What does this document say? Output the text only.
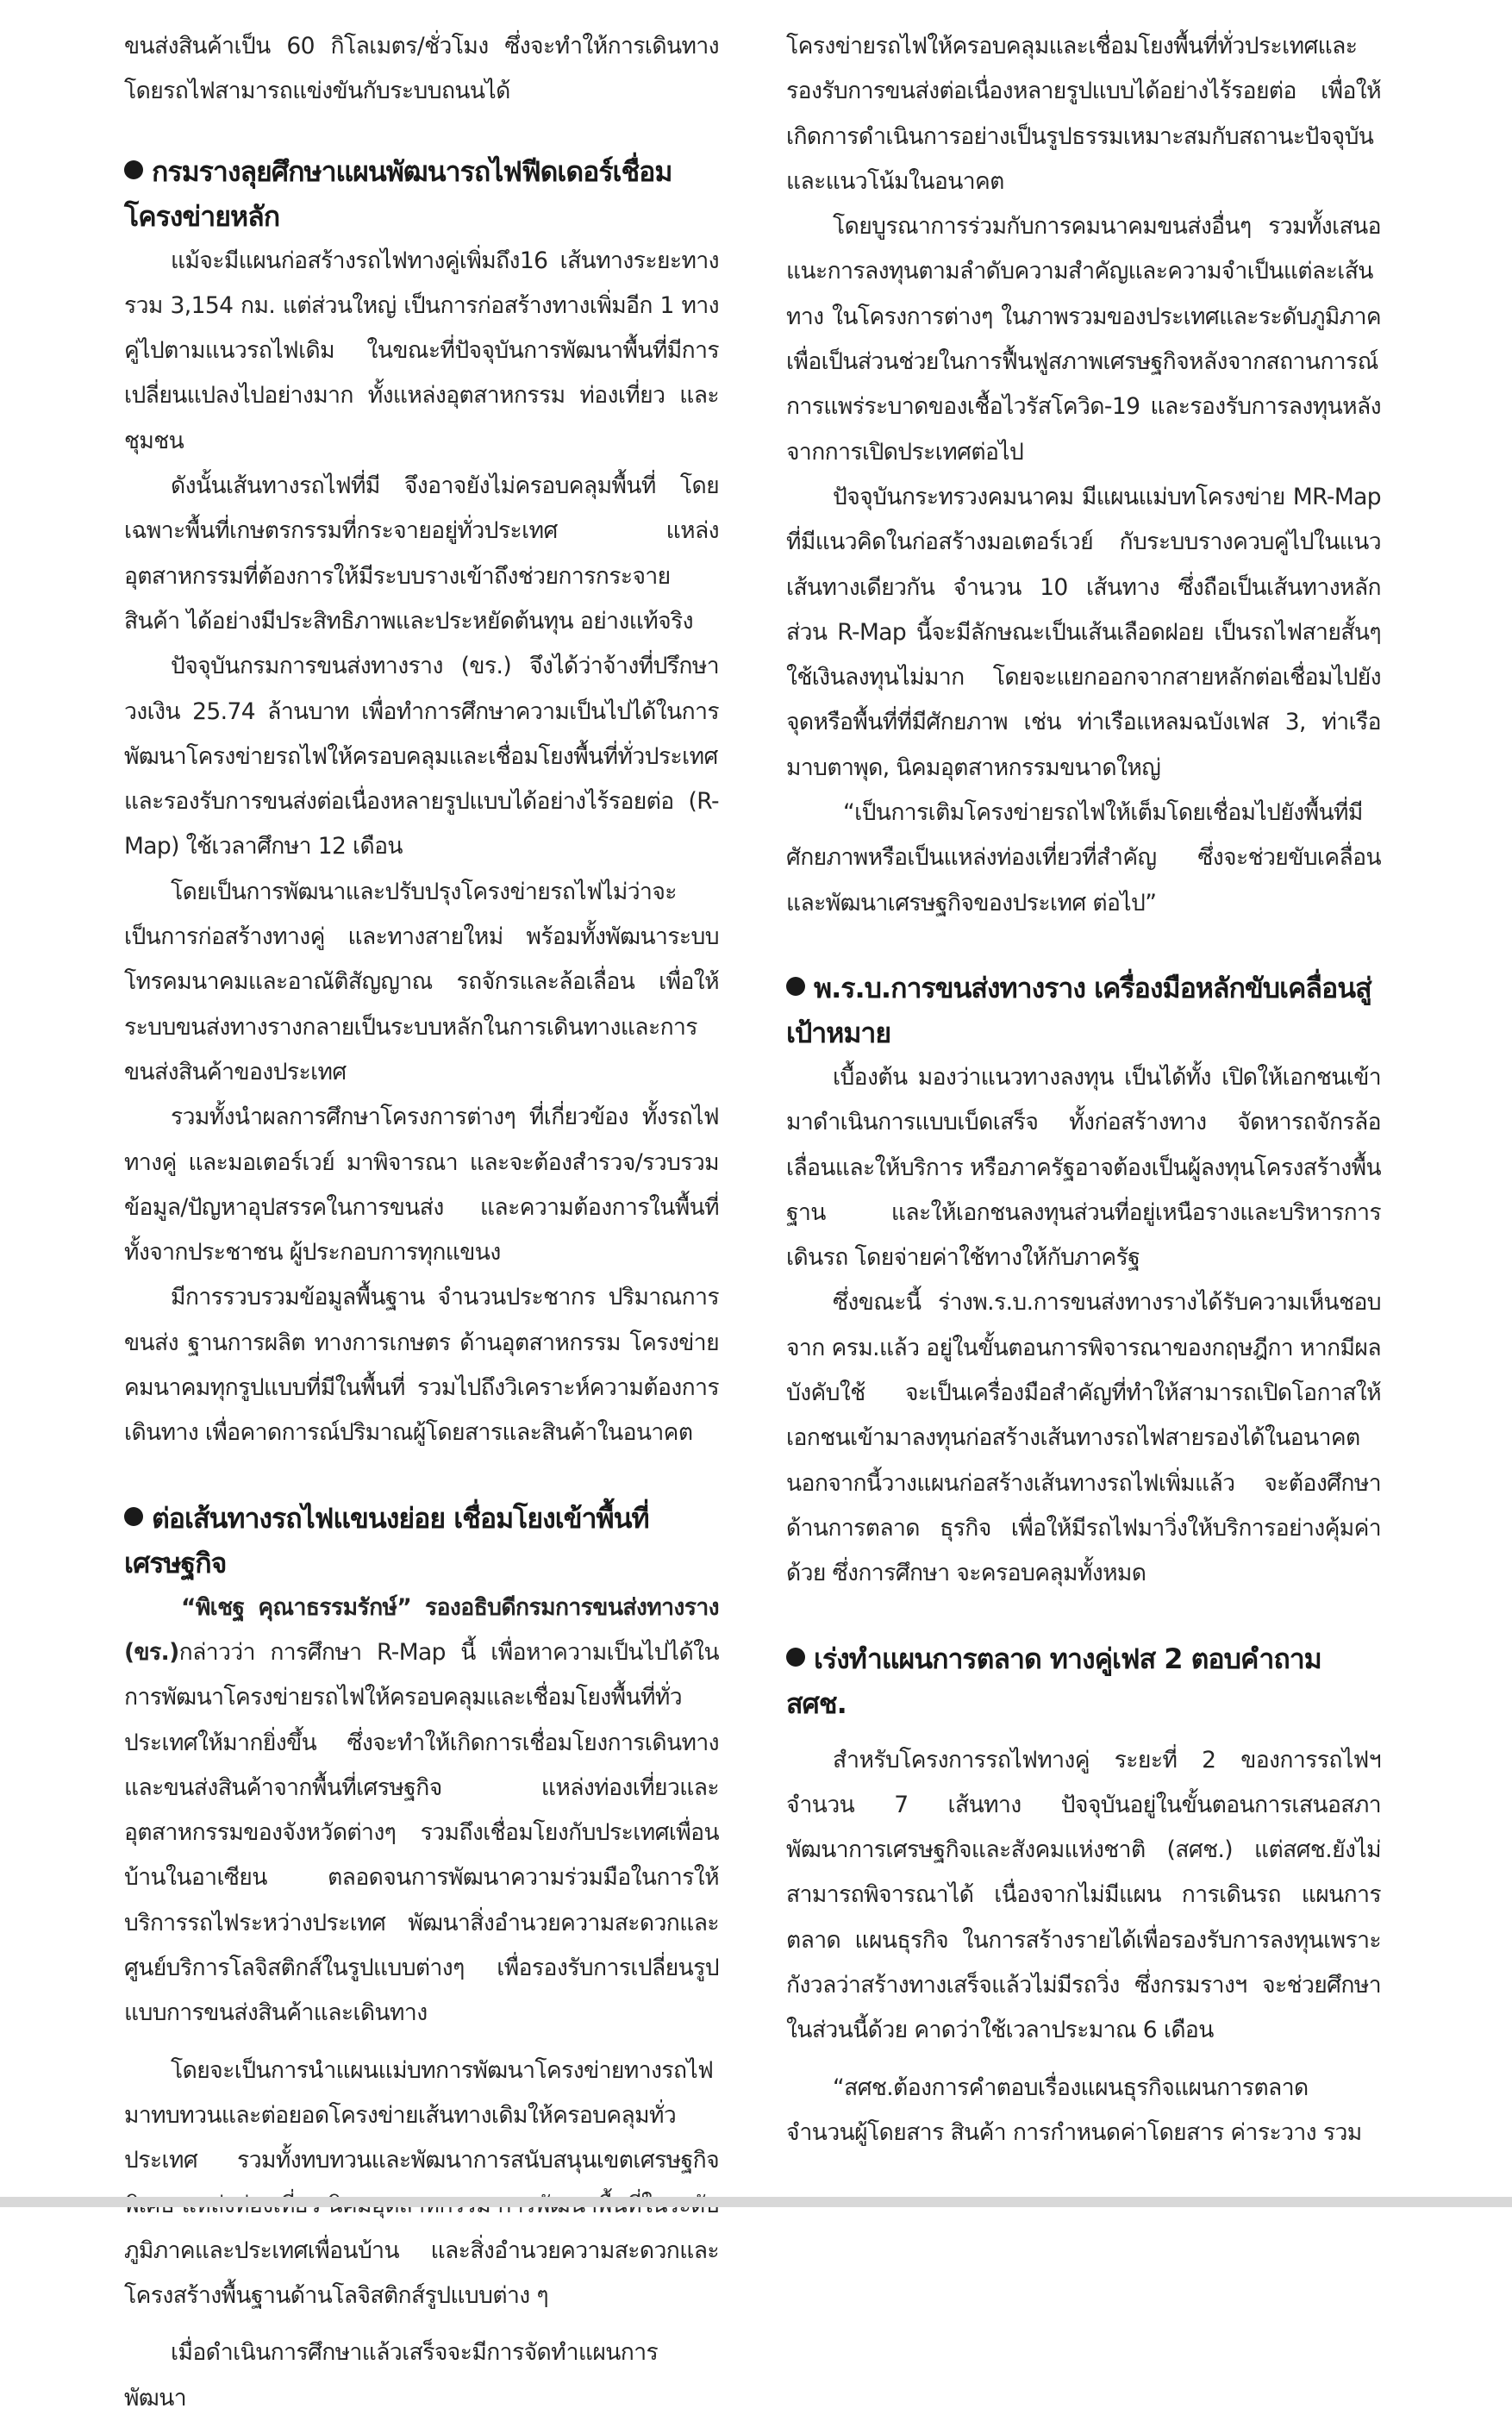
ขนส่งสินค้าเป็น 60 กิโลเมตร/ชั่วโมง ซึ่งจะทำให้การเดินทางโดยรถไฟสามารถแข่งขันกับระบบถนนได้

กรมรางลุยศึกษาแผนพัฒนารถไฟฟีดเดอร์เชื่อมโครงข่ายหลัก

แม้จะมีแผนก่อสร้างรถไฟทางคู่เพิ่มถึง16 เส้นทางระยะทางรวม 3,154 กม. แต่ส่วนใหญ่ เป็นการก่อสร้างทางเพิ่มอีก 1 ทางคู่ไปตามแนวรถไฟเดิม ในขณะที่ปัจจุบันการพัฒนาพื้นที่มีการเปลี่ยนแปลงไปอย่างมาก ทั้งแหล่งอุตสาหกรรม ท่องเที่ยว และชุมชน

ดังนั้นเส้นทางรถไฟที่มี จึงอาจยังไม่ครอบคลุมพื้นที่ โดยเฉพาะพื้นที่เกษตรกรรมที่กระจายอยู่ทั่วประเทศ แหล่งอุตสาหกรรมที่ต้องการให้มีระบบรางเข้าถึงช่วยการกระจายสินค้า ได้อย่างมีประสิทธิภาพและประหยัดต้นทุน อย่างแท้จริง

ปัจจุบันกรมการขนส่งทางราง (ขร.) จึงได้ว่าจ้างที่ปรึกษาวงเงิน 25.74 ล้านบาท เพื่อทำการศึกษาความเป็นไปได้ในการพัฒนาโครงข่ายรถไฟให้ครอบคลุมและเชื่อมโยงพื้นที่ทั่วประเทศและรองรับการขนส่งต่อเนื่องหลายรูปแบบได้อย่างไร้รอยต่อ (R-Map) ใช้เวลาศึกษา 12 เดือน

โดยเป็นการพัฒนาและปรับปรุงโครงข่ายรถไฟไม่ว่าจะเป็นการก่อสร้างทางคู่ และทางสายใหม่ พร้อมทั้งพัฒนาระบบโทรคมนาคมและอาณัติสัญญาณ รถจักรและล้อเลื่อน เพื่อให้ระบบขนส่งทางรางกลายเป็นระบบหลักในการเดินทางและการขนส่งสินค้าของประเทศ

รวมทั้งนำผลการศึกษาโครงการต่างๆ ที่เกี่ยวข้อง ทั้งรถไฟทางคู่ และมอเตอร์เวย์ มาพิจารณา และจะต้องสำรวจ/รวบรวมข้อมูล/ปัญหาอุปสรรคในการขนส่ง และความต้องการในพื้นที่ ทั้งจากประชาชน ผู้ประกอบการทุกแขนง

มีการรวบรวมข้อมูลพื้นฐาน จำนวนประชากร ปริมาณการขนส่ง ฐานการผลิต ทางการเกษตร ด้านอุตสาหกรรม โครงข่ายคมนาคมทุกรูปแบบที่มีในพื้นที่ รวมไปถึงวิเคราะห์ความต้องการเดินทาง เพื่อคาดการณ์ปริมาณผู้โดยสารและสินค้าในอนาคต

ต่อเส้นทางรถไฟแขนงย่อย เชื่อมโยงเข้าพื้นที่เศรษฐกิจ

“พิเชฐ คุณาธรรมรักษ์” รองอธิบดีกรมการขนส่งทางราง (ขร.)กล่าวว่า การศึกษา R-Map นี้ เพื่อหาความเป็นไปได้ในการพัฒนาโครงข่ายรถไฟให้ครอบคลุมและเชื่อมโยงพื้นที่ทั่วประเทศให้มากยิ่งขึ้น ซึ่งจะทำให้เกิดการเชื่อมโยงการเดินทางและขนส่งสินค้าจากพื้นที่เศรษฐกิจ แหล่งท่องเที่ยวและอุตสาหกรรมของจังหวัดต่างๆ รวมถึงเชื่อมโยงกับประเทศเพื่อนบ้านในอาเซียน ตลอดจนการพัฒนาความร่วมมือในการให้บริการรถไฟระหว่างประเทศ พัฒนาสิ่งอำนวยความสะดวกและศูนย์บริการโลจิสติกส์ในรูปแบบต่างๆ เพื่อรองรับการเปลี่ยนรูปแบบการขนส่งสินค้าและเดินทาง

โดยจะเป็นการนำแผนแม่บทการพัฒนาโครงข่ายทางรถไฟมาทบทวนและต่อยอดโครงข่ายเส้นทางเดิมให้ครอบคลุมทั่วประเทศ รวมทั้งทบทวนและพัฒนาการสนับสนุนเขตเศรษฐกิจ ภูมิภาคและประเทศเพื่อนบ้าน และสิ่งอำนวยความสะดวกและโครงสร้างพื้นฐานด้านโลจิสติกส์รูปแบบต่าง ๆ

เมื่อดำเนินการศึกษาแล้วเสร็จจะมีการจัดทำแผนการพัฒนา

โครงข่ายรถไฟให้ครอบคลุมและเชื่อมโยงพื้นที่ทั่วประเทศและรองรับการขนส่งต่อเนื่องหลายรูปแบบได้อย่างไร้รอยต่อ เพื่อให้เกิดการดำเนินการอย่างเป็นรูปธรรมเหมาะสมกับสถานะปัจจุบันและแนวโน้มในอนาคต

โดยบูรณาการร่วมกับการคมนาคมขนส่งอื่นๆ รวมทั้งเสนอแนะการลงทุนตามลำดับความสำคัญและความจำเป็นแต่ละเส้นทาง ในโครงการต่างๆ ในภาพรวมของประเทศและระดับภูมิภาค เพื่อเป็นส่วนช่วยในการฟื้นฟูสภาพเศรษฐกิจหลังจากสถานการณ์การแพร่ระบาดของเชื้อไวรัสโควิด-19 และรองรับการลงทุนหลังจากการเปิดประเทศต่อไป

ปัจจุบันกระทรวงคมนาคม มีแผนแม่บทโครงข่าย MR-Map ที่มีแนวคิดในก่อสร้างมอเตอร์เวย์ กับระบบรางควบคู่ไปในแนวเส้นทางเดียวกัน จำนวน 10 เส้นทาง ซึ่งถือเป็นเส้นทางหลัก ส่วน R-Map นี้จะมีลักษณะเป็นเส้นเลือดฝอย เป็นรถไฟสายสั้นๆ ใช้เงินลงทุนไม่มาก โดยจะแยกออกจากสายหลักต่อเชื่อมไปยังจุดหรือพื้นที่ที่มีศักยภาพ เช่น ท่าเรือแหลมฉบังเฟส 3, ท่าเรือมาบตาพุด, นิคมอุตสาหกรรมขนาดใหญ่

“เป็นการเติมโครงข่ายรถไฟให้เต็มโดยเชื่อมไปยังพื้นที่มีศักยภาพหรือเป็นแหล่งท่องเที่ยวที่สำคัญ ซึ่งจะช่วยขับเคลื่อนและพัฒนาเศรษฐกิจของประเทศ ต่อไป”

พ.ร.บ.การขนส่งทางราง เครื่องมือหลักขับเคลื่อนสู่เป้าหมาย

เบื้องต้น มองว่าแนวทางลงทุน เป็นได้ทั้ง เปิดให้เอกชนเข้ามาดำเนินการแบบเบ็ดเสร็จ ทั้งก่อสร้างทาง จัดหารถจักรล้อเลื่อนและให้บริการ หรือภาครัฐอาจต้องเป็นผู้ลงทุนโครงสร้างพื้นฐาน และให้เอกชนลงทุนส่วนที่อยู่เหนือรางและบริหารการเดินรถ โดยจ่ายค่าใช้ทางให้กับภาครัฐ

ซึ่งขณะนี้ ร่างพ.ร.บ.การขนส่งทางรางได้รับความเห็นชอบจาก ครม.แล้ว อยู่ในขั้นตอนการพิจารณาของกฤษฎีกา หากมีผลบังคับใช้ จะเป็นเครื่องมือสำคัญที่ทำให้สามารถเปิดโอกาสให้เอกชนเข้ามาลงทุนก่อสร้างเส้นทางรถไฟสายรองได้ในอนาคต นอกจากนี้วางแผนก่อสร้างเส้นทางรถไฟเพิ่มแล้ว จะต้องศึกษาด้านการตลาด ธุรกิจ เพื่อให้มีรถไฟมาวิ่งให้บริการอย่างคุ้มค่าด้วย ซึ่งการศึกษา จะครอบคลุมทั้งหมด

เร่งทำแผนการตลาด ทางคู่เฟส 2 ตอบคำถาม สศช.

สำหรับโครงการรถไฟทางคู่ ระยะที่ 2 ของการรถไฟฯ จำนวน 7 เส้นทาง ปัจจุบันอยู่ในขั้นตอนการเสนอสภาพัฒนาการเศรษฐกิจและสังคมแห่งชาติ (สศช.) แต่สศช.ยังไม่สามารถพิจารณาได้ เนื่องจากไม่มีแผน การเดินรถ แผนการตลาด แผนธุรกิจ ในการสร้างรายได้เพื่อรองรับการลงทุนเพราะกังวลว่าสร้างทางเสร็จแล้วไม่มีรถวิ่ง ซึ่งกรมรางฯ จะช่วยศึกษาในส่วนนี้ด้วย คาดว่าใช้เวลาประมาณ 6 เดือน

“สศช.ต้องการคำตอบเรื่องแผนธุรกิจแผนการตลาด จำนวนผู้โดยสาร สินค้า การกำหนดค่าโดยสาร ค่าระวาง รวม
